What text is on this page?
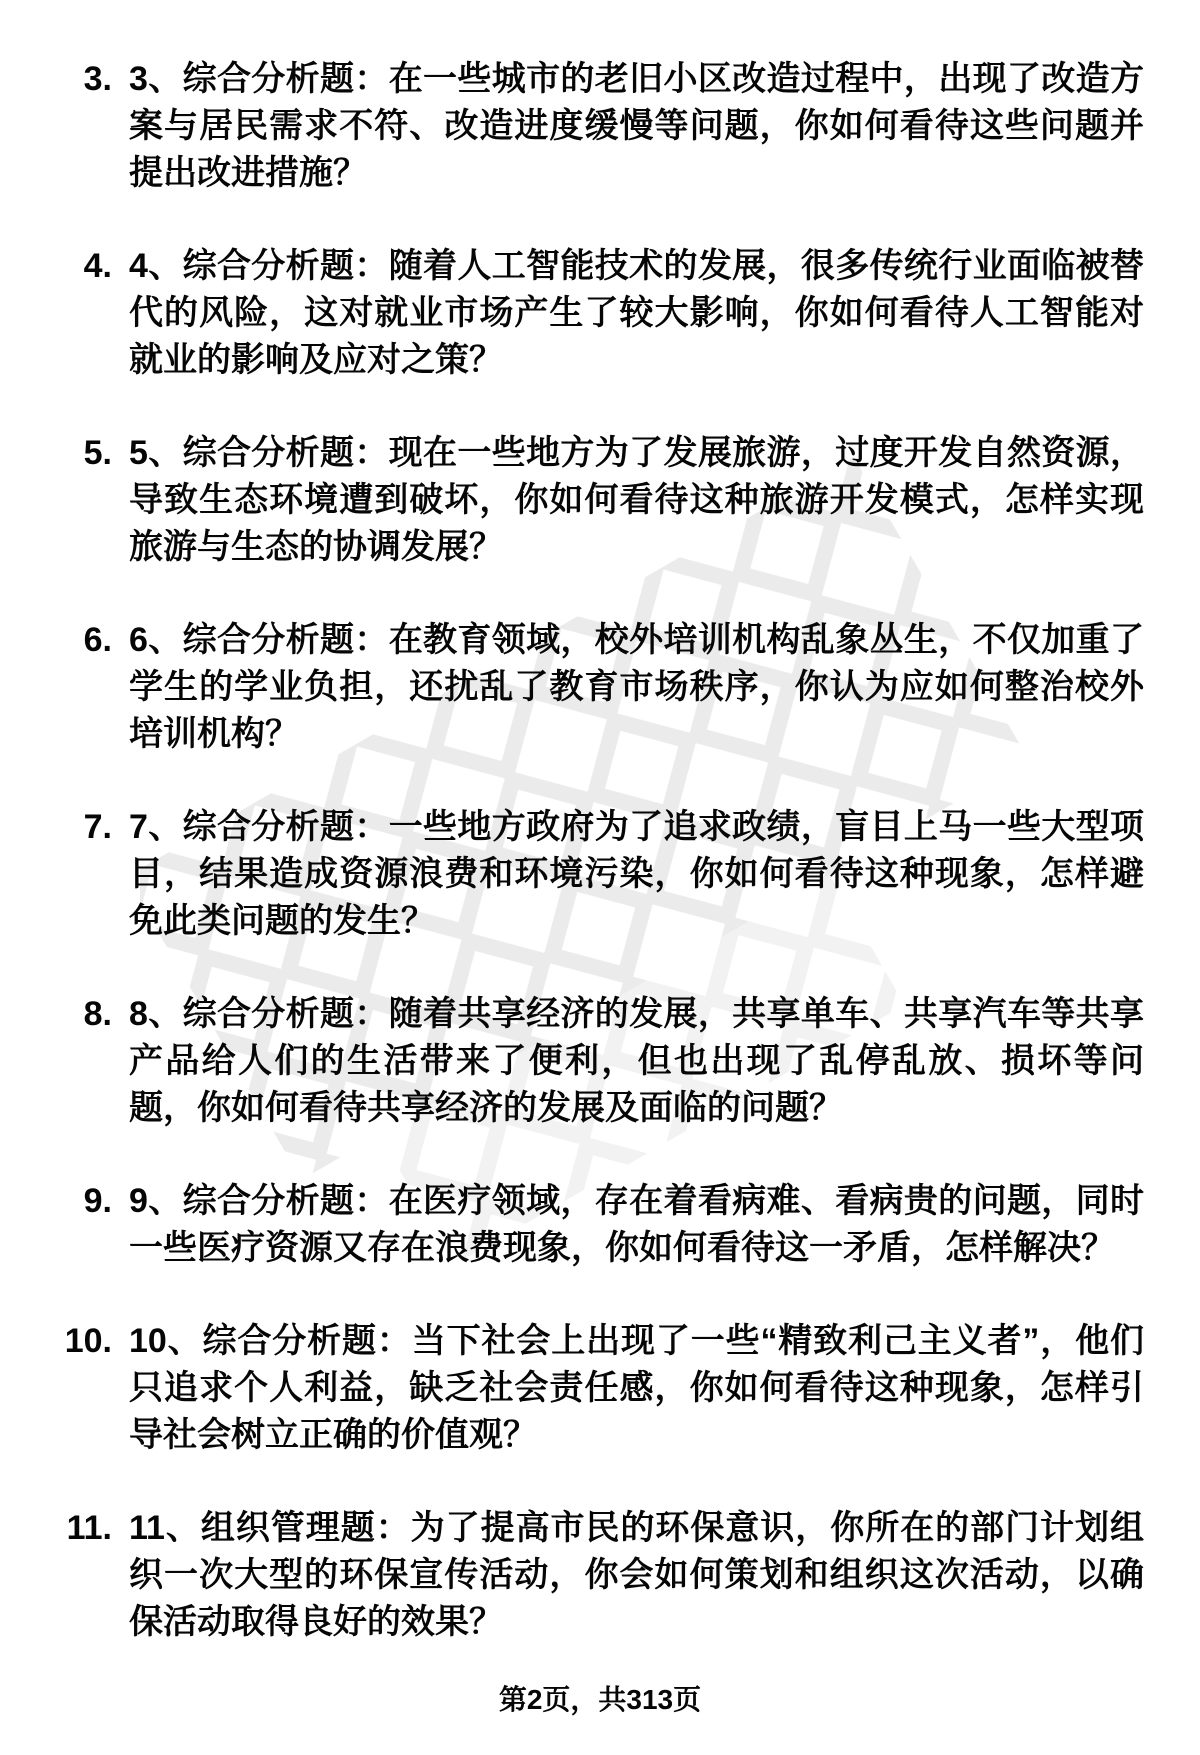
3. 3、综合分析题：在一些城市的老旧小区改造过程中，出现了改造方案与居民需求不符、改造进度缓慢等问题，你如何看待这些问题并提出改进措施？
4. 4、综合分析题：随着人工智能技术的发展，很多传统行业面临被替代的风险，这对就业市场产生了较大影响，你如何看待人工智能对就业的影响及应对之策？
5. 5、综合分析题：现在一些地方为了发展旅游，过度开发自然资源，导致生态环境遭到破坏，你如何看待这种旅游开发模式，怎样实现旅游与生态的协调发展？
6. 6、综合分析题：在教育领域，校外培训机构乱象丛生，不仅加重了学生的学业负担，还扰乱了教育市场秩序，你认为应如何整治校外培训机构？
7. 7、综合分析题：一些地方政府为了追求政绩，盲目上马一些大型项目，结果造成资源浪费和环境污染，你如何看待这种现象，怎样避免此类问题的发生？
8. 8、综合分析题：随着共享经济的发展，共享单车、共享汽车等共享产品给人们的生活带来了便利，但也出现了乱停乱放、损坏等问题，你如何看待共享经济的发展及面临的问题？
9. 9、综合分析题：在医疗领域，存在着看病难、看病贵的问题，同时一些医疗资源又存在浪费现象，你如何看待这一矛盾，怎样解决？
10. 10、综合分析题：当下社会上出现了一些“精致利己主义者”，他们只追求个人利益，缺乏社会责任感，你如何看待这种现象，怎样引导社会树立正确的价值观？
11. 11、组织管理题：为了提高市民的环保意识，你所在的部门计划组织一次大型的环保宣传活动，你会如何策划和组织这次活动，以确保活动取得良好的效果？
第2页，共313页
